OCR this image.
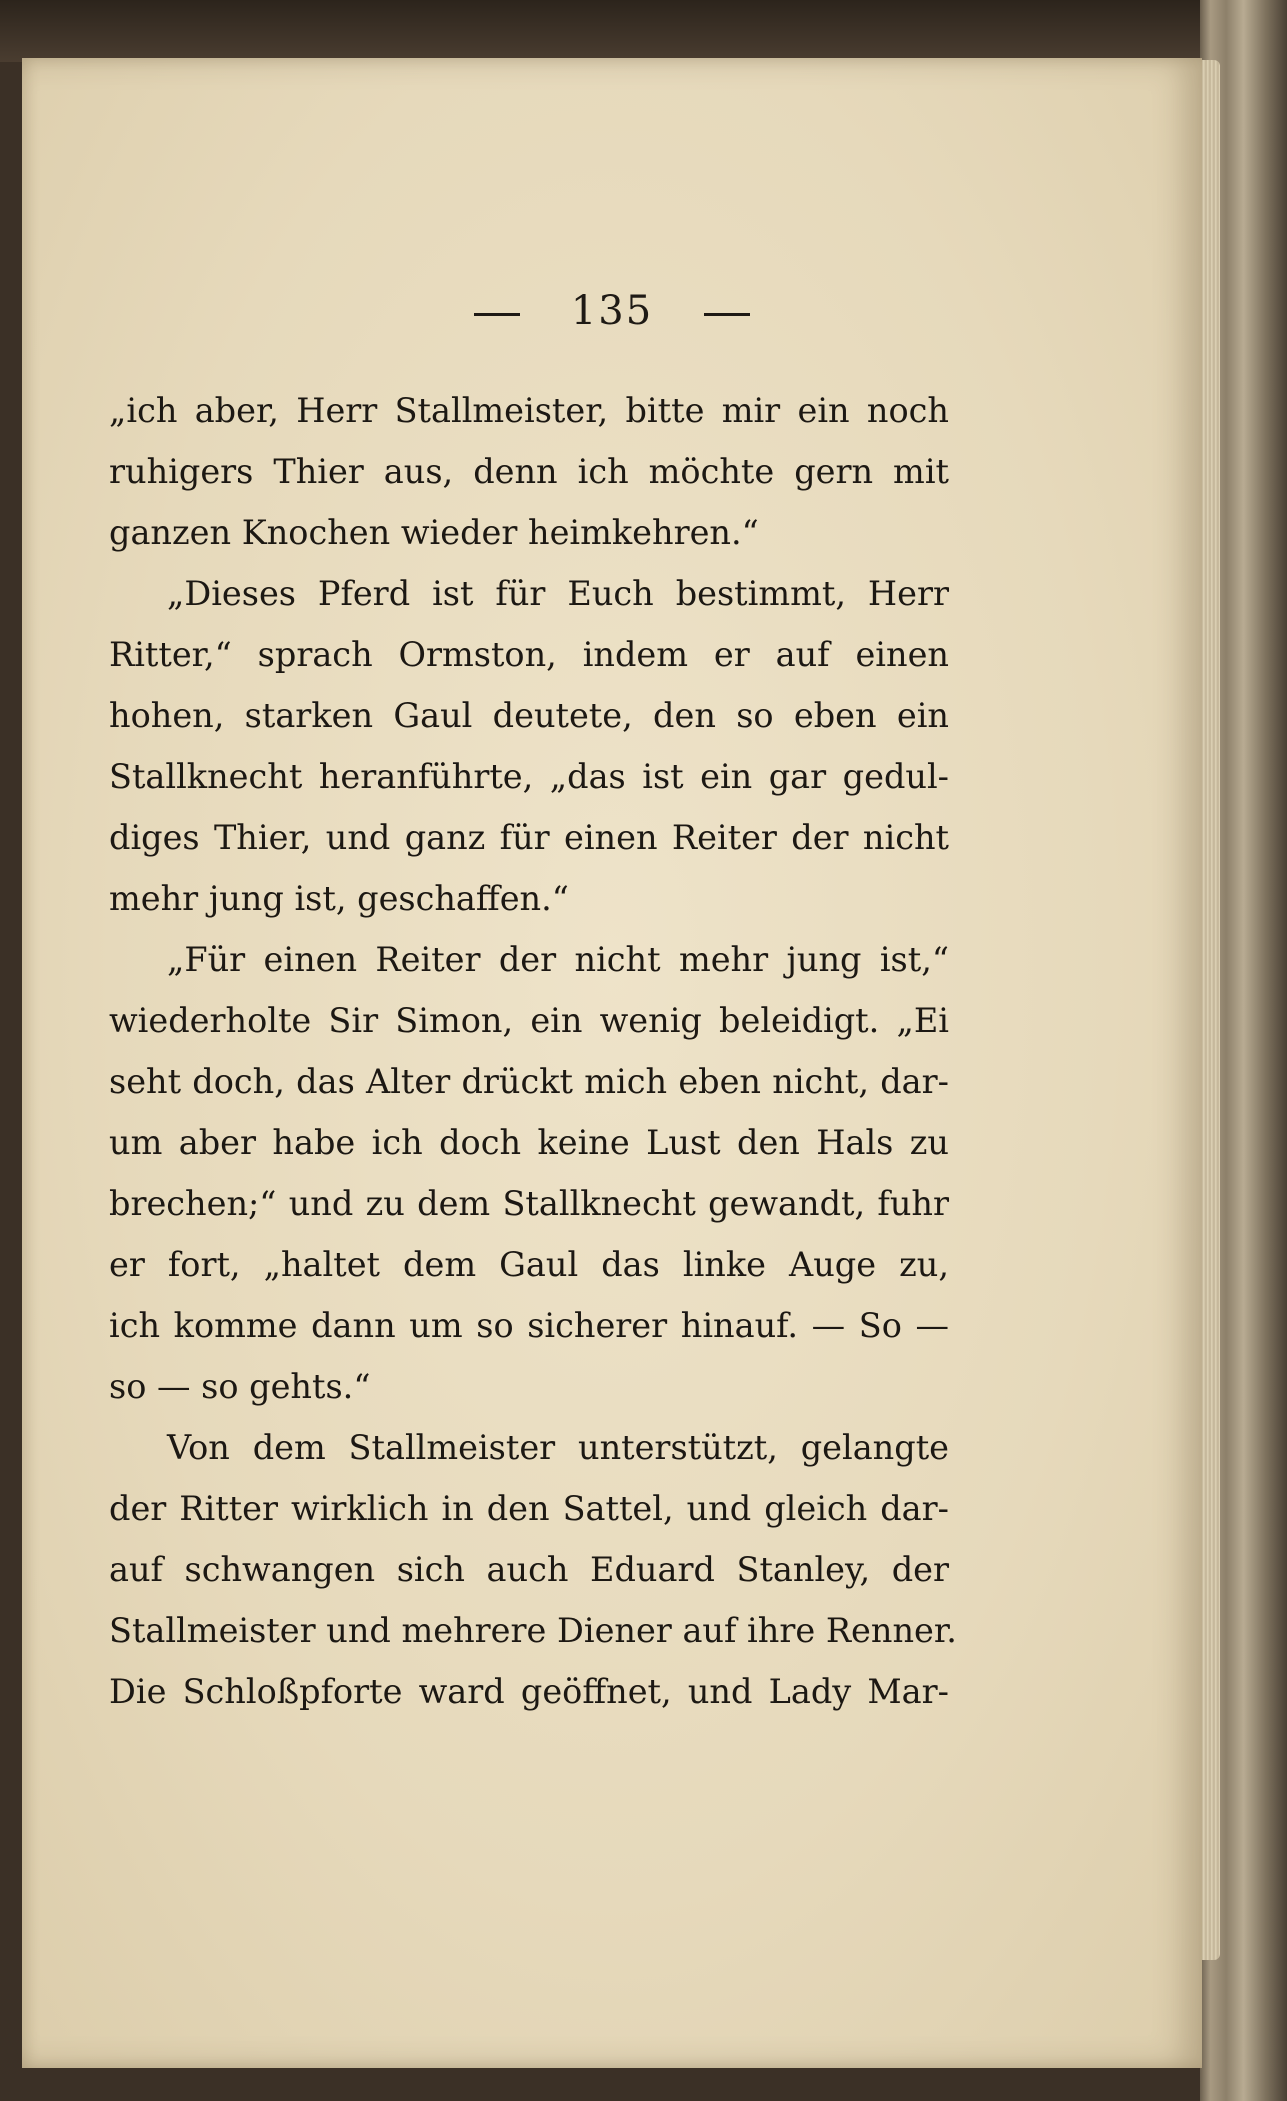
135
„ich aber, Herr Stallmeister, bitte mir ein noch
ruhigers Thier aus, denn ich möchte gern mit
ganzen Knochen wieder heimkehren.“
„Dieses Pferd ist für Euch bestimmt, Herr
Ritter,“ sprach Ormston, indem er auf einen
hohen, starken Gaul deutete, den so eben ein
Stallknecht heranführte, „das ist ein gar gedul-
diges Thier, und ganz für einen Reiter der nicht
mehr jung ist, geschaffen.“
„Für einen Reiter der nicht mehr jung ist,“
wiederholte Sir Simon, ein wenig beleidigt. „Ei
seht doch, das Alter drückt mich eben nicht, dar-
um aber habe ich doch keine Lust den Hals zu
brechen;“ und zu dem Stallknecht gewandt, fuhr
er fort, „haltet dem Gaul das linke Auge zu,
ich komme dann um so sicherer hinauf. — So —
so — so gehts.“
Von dem Stallmeister unterstützt, gelangte
der Ritter wirklich in den Sattel, und gleich dar-
auf schwangen sich auch Eduard Stanley, der
Stallmeister und mehrere Diener auf ihre Renner.
Die Schloßpforte ward geöffnet, und Lady Mar-
